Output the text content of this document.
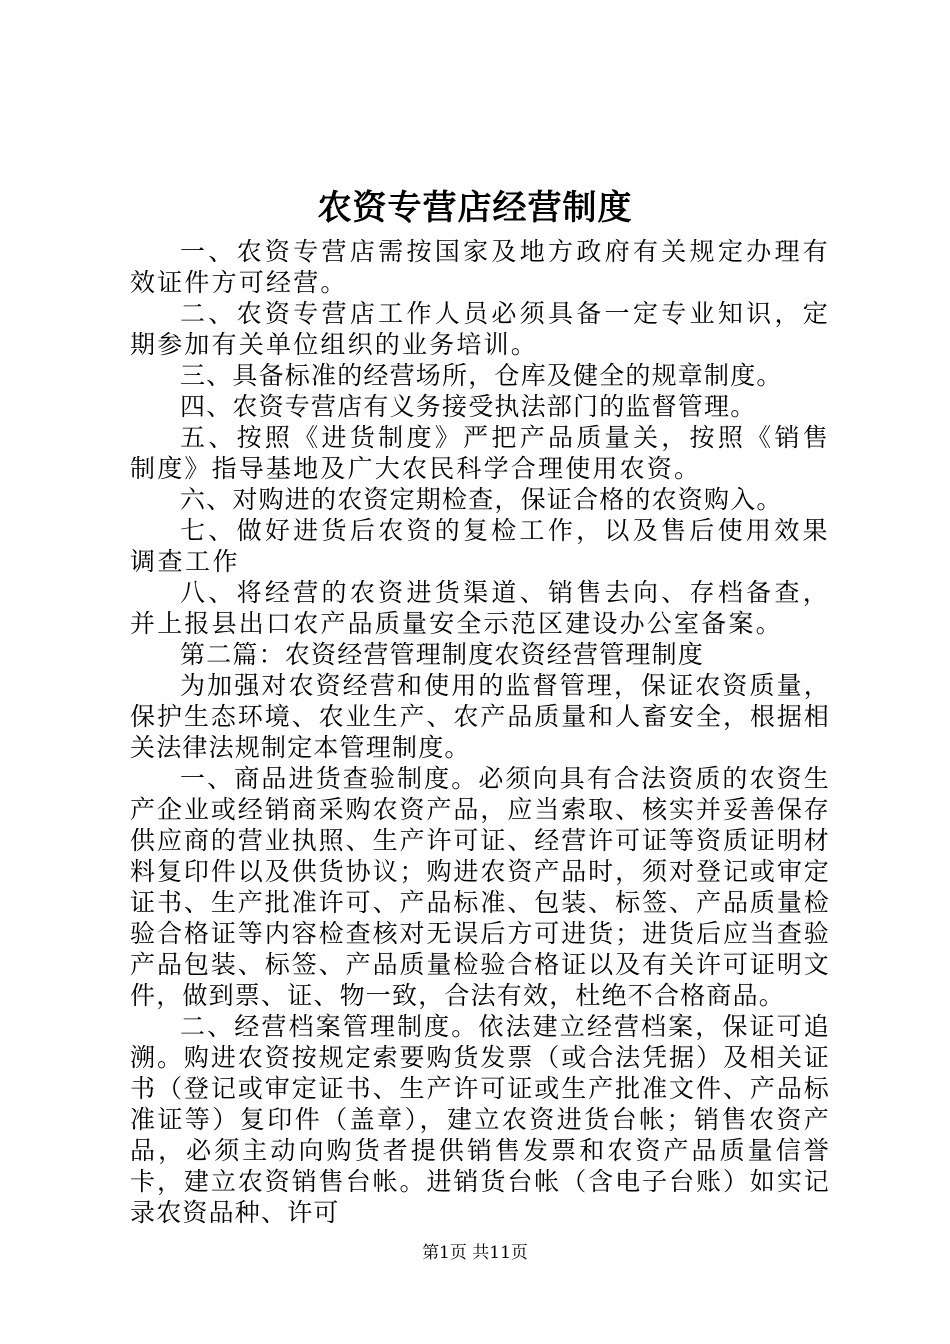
农资专营店经营制度

一、农资专营店需按国家及地方政府有关规定办理有效证件方可经营。

二、农资专营店工作人员必须具备一定专业知识，定期参加有关单位组织的业务培训。

三、具备标准的经营场所，仓库及健全的规章制度。

四、农资专营店有义务接受执法部门的监督管理。

五、按照《进货制度》严把产品质量关，按照《销售制度》指导基地及广大农民科学合理使用农资。

六、对购进的农资定期检查，保证合格的农资购入。

七、做好进货后农资的复检工作，以及售后使用效果调查工作

八、将经营的农资进货渠道、销售去向、存档备查，并上报县出口农产品质量安全示范区建设办公室备案。

第二篇：农资经营管理制度农资经营管理制度

为加强对农资经营和使用的监督管理，保证农资质量，保护生态环境、农业生产、农产品质量和人畜安全，根据相关法律法规制定本管理制度。

一、商品进货查验制度。必须向具有合法资质的农资生产企业或经销商采购农资产品，应当索取、核实并妥善保存供应商的营业执照、生产许可证、经营许可证等资质证明材料复印件以及供货协议；购进农资产品时，须对登记或审定证书、生产批准许可、产品标准、包装、标签、产品质量检验合格证等内容检查核对无误后方可进货；进货后应当查验产品包装、标签、产品质量检验合格证以及有关许可证明文件，做到票、证、物一致，合法有效，杜绝不合格商品。

二、经营档案管理制度。依法建立经营档案，保证可追溯。购进农资按规定索要购货发票（或合法凭据）及相关证书（登记或审定证书、生产许可证或生产批准文件、产品标准证等）复印件（盖章），建立农资进货台帐；销售农资产品，必须主动向购货者提供销售发票和农资产品质量信誉卡，建立农资销售台帐。进销货台帐（含电子台账）如实记录农资品种、许可

第1页 共11页
